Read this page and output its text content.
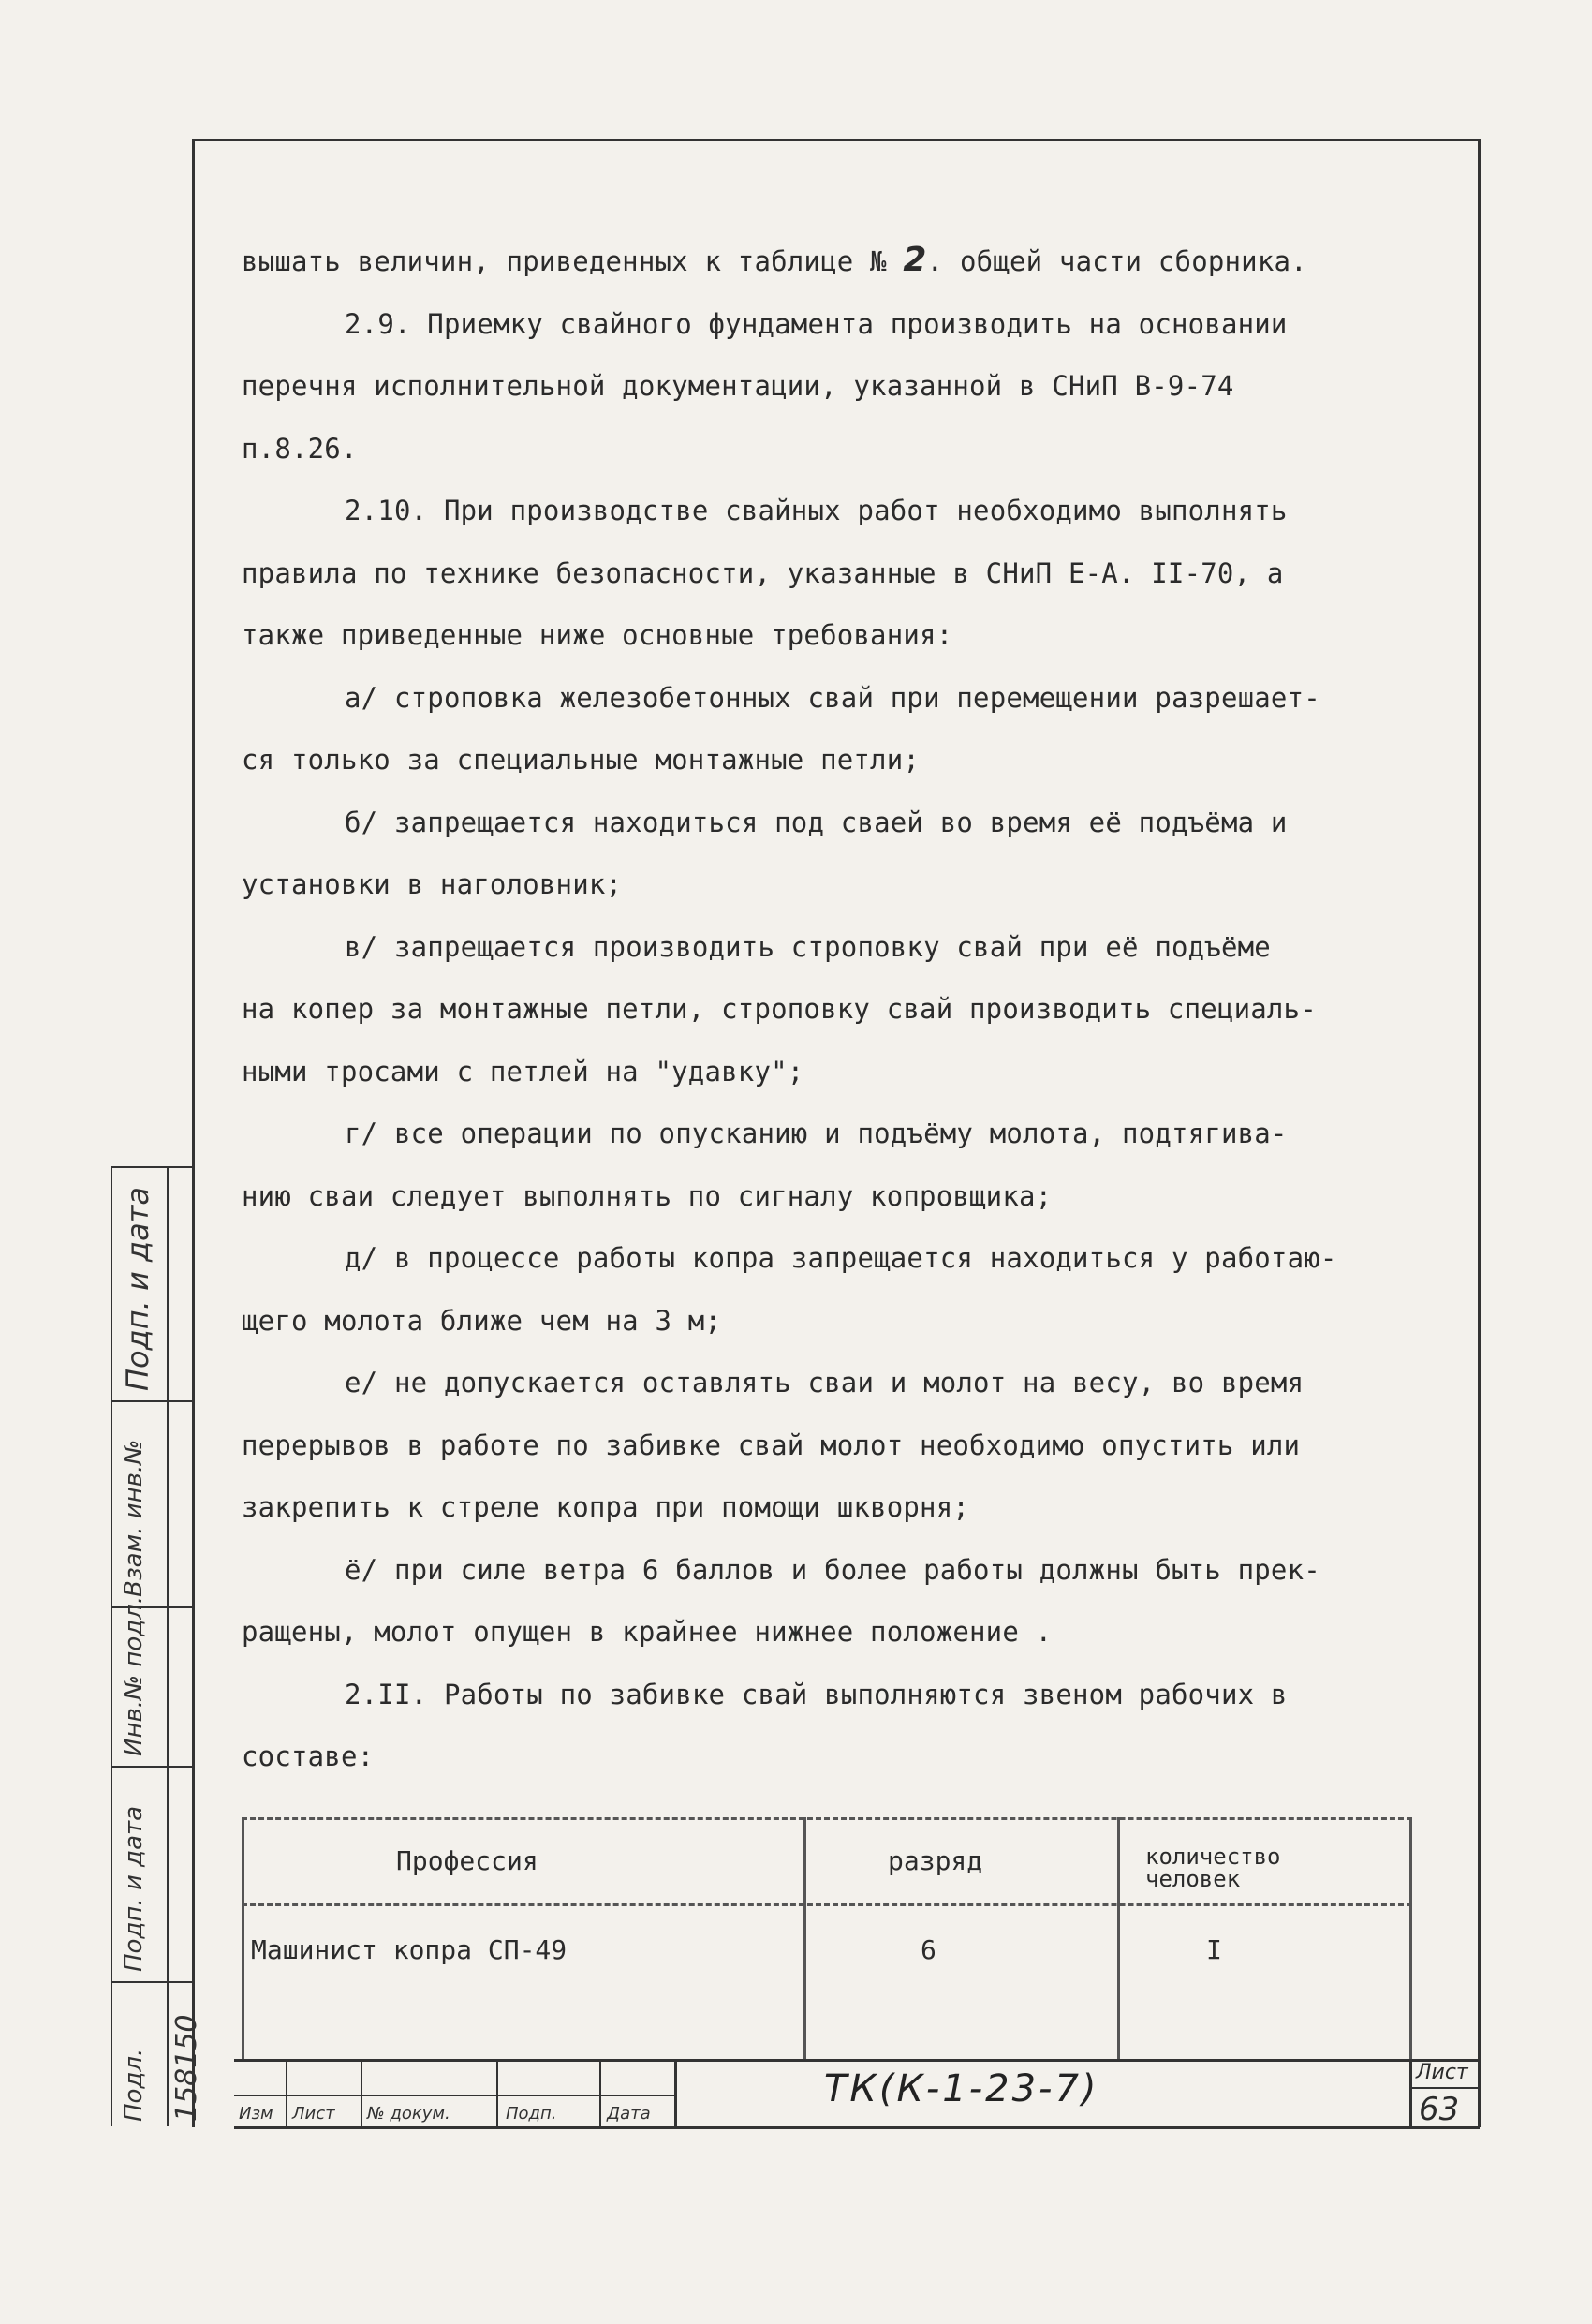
вышать величин, приведенных к таблице № 2. общей части сборника.

2.9. Приемку свайного фундамента производить на основании

перечня исполнительной документации, указанной в СНиП В-9-74

п.8.26.

2.10. При производстве свайных работ необходимо выполнять

правила по технике безопасности, указанные в СНиП Е-А. II-70, а

также приведенные ниже основные требования:

а/ строповка железобетонных свай при перемещении разрешает-

ся только за специальные монтажные петли;

б/ запрещается находиться под сваей во время её подъёма и

установки в наголовник;

в/ запрещается производить строповку свай при её подъёме

на копер за монтажные петли, строповку свай производить специаль-

ными тросами с петлей на "удавку";

г/ все операции по опусканию и подъёму молота, подтягива-

нию сваи следует выполнять по сигналу копровщика;

д/ в процессе работы копра запрещается находиться у работаю-

щего молота ближе чем на 3 м;

е/ не допускается оставлять сваи и молот на весу, во время

перерывов в работе по забивке свай молот необходимо опустить или

закрепить к стреле копра при помощи шкворня;

ё/ при силе ветра 6 баллов и более работы должны быть прек-

ращены, молот опущен в крайнее нижнее положение .

2.II. Работы по забивке свай выполняются звеном рабочих в

составе:

Профессия	разряд	количество человек
Машинист копра СП-49	6	I
Изм Лист № докум.	Подп.	Дата
ТК(К-1-23-7)	Лист
63
Подп. и дата
Взам. инв.№
Инв.№ подл.
Подп. и дата
Подл. 158150
